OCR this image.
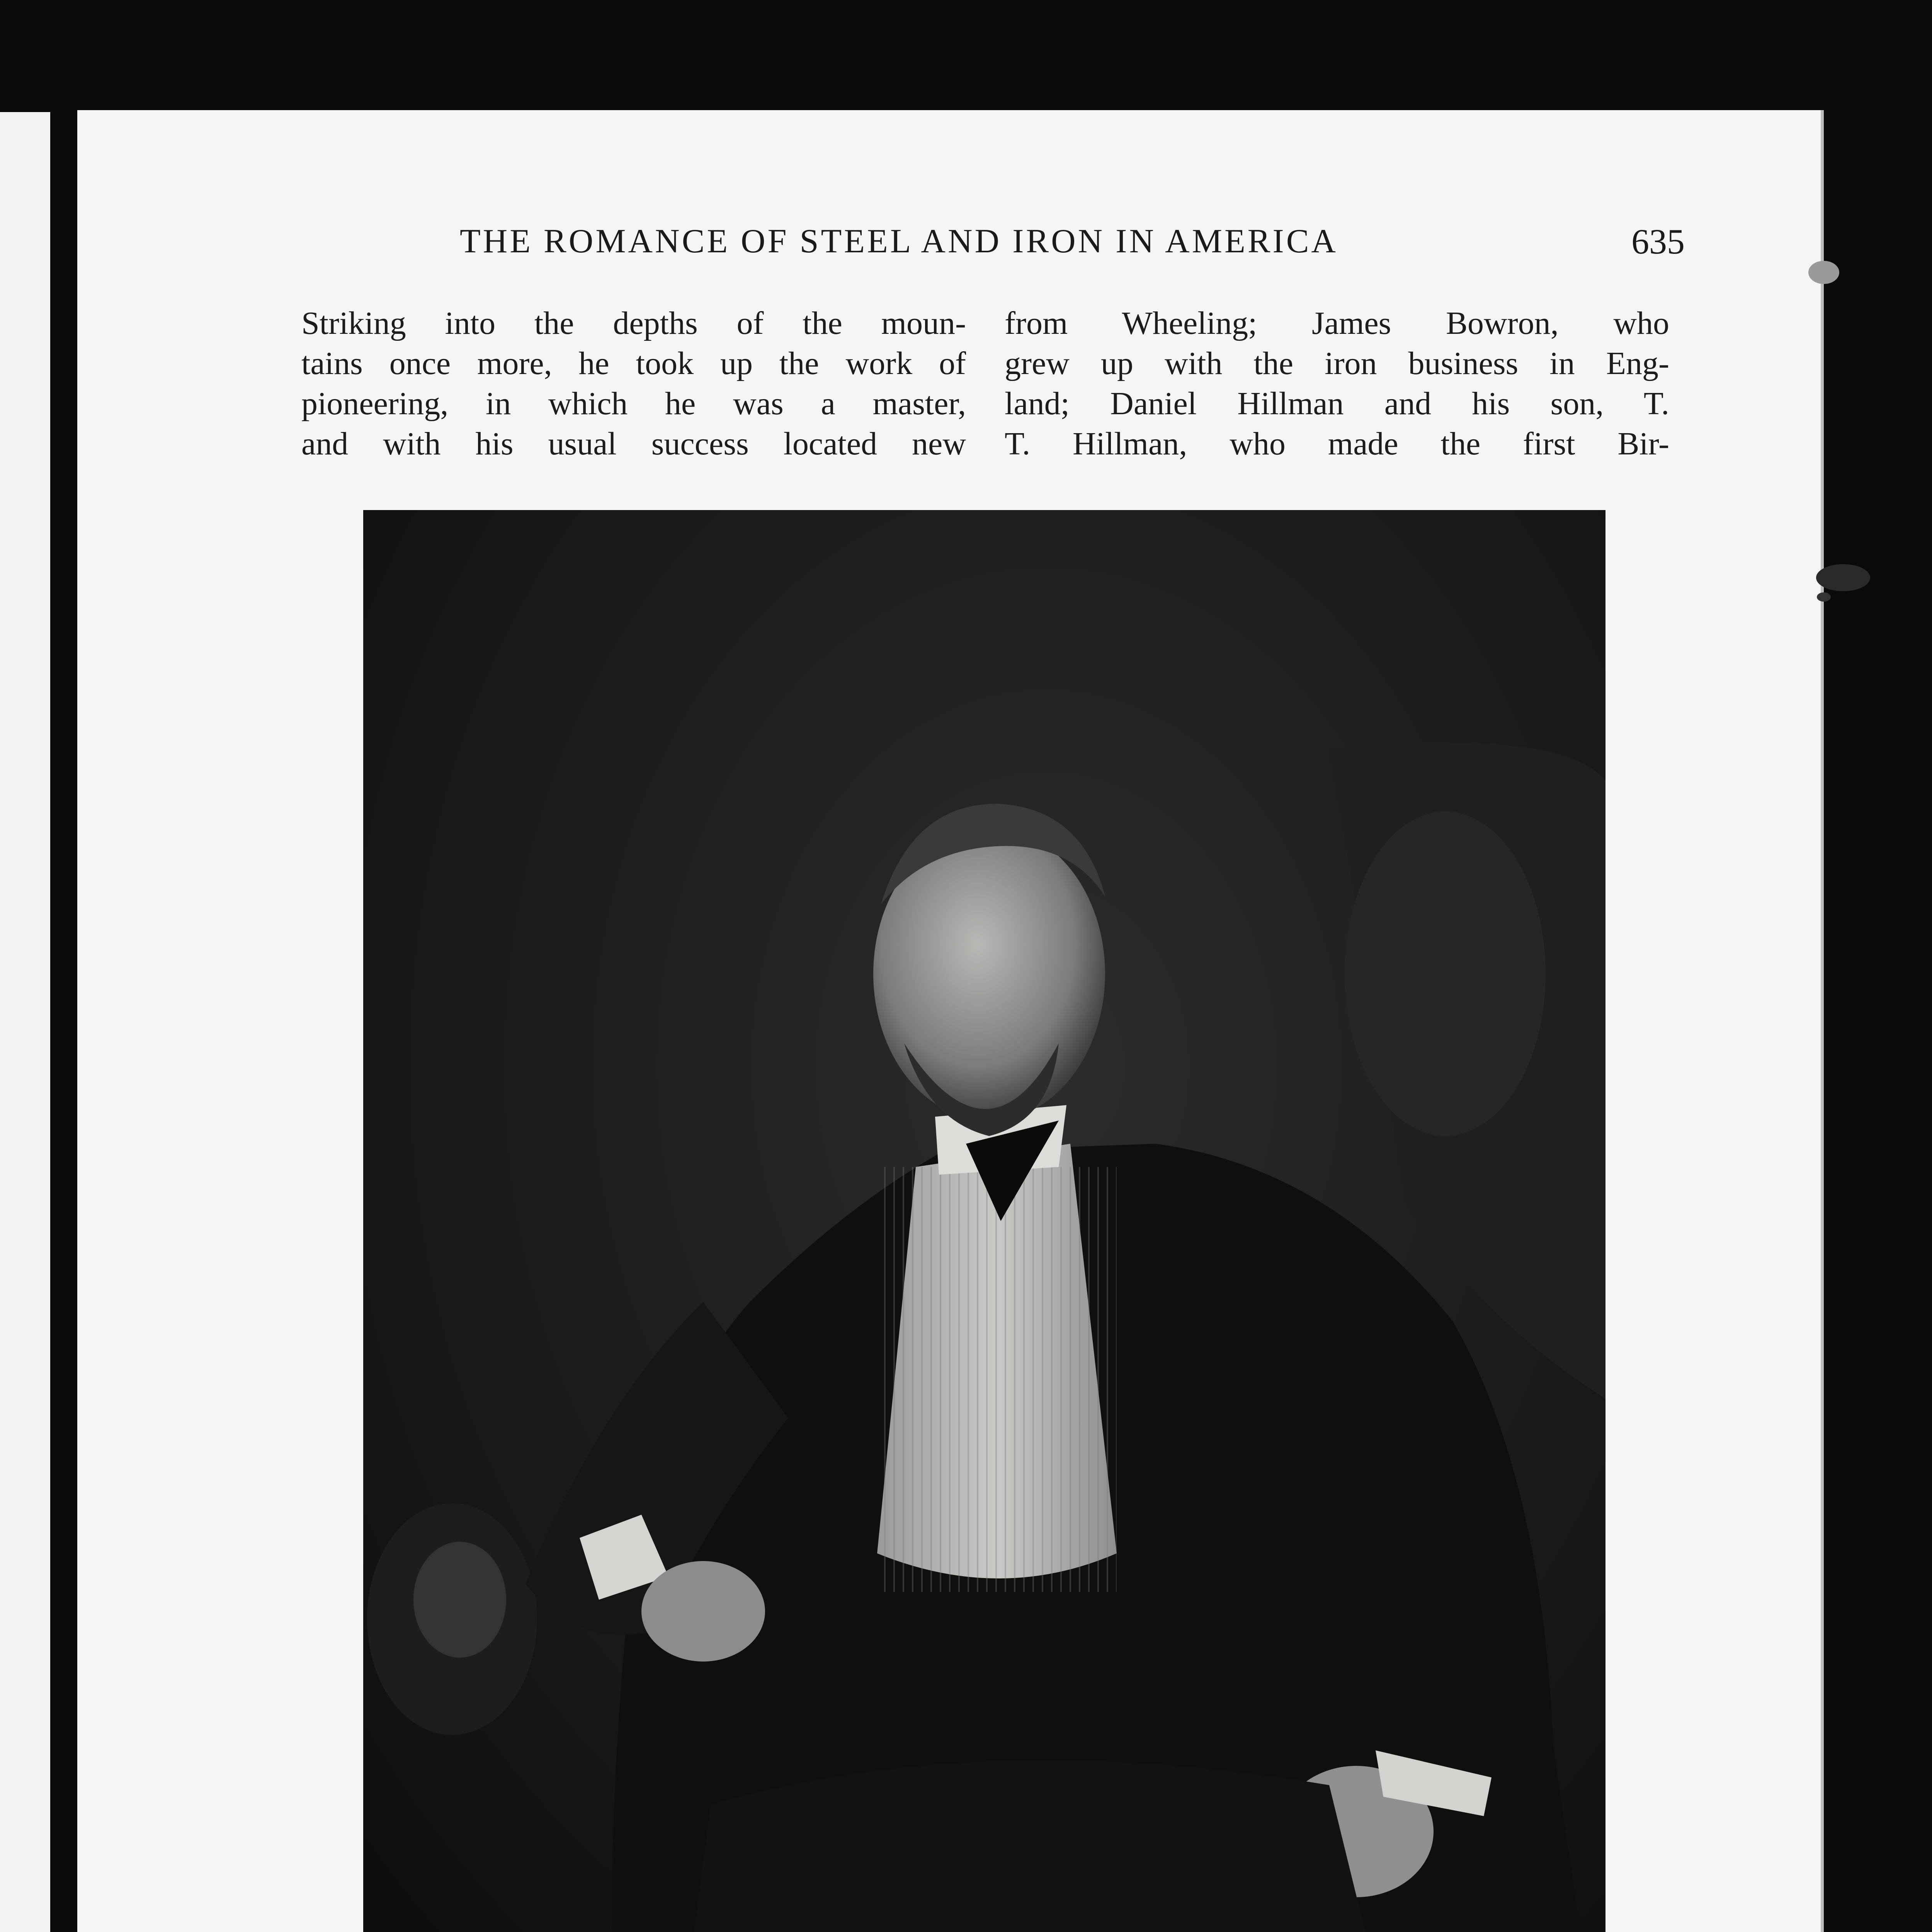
THE ROMANCE OF STEEL AND IRON IN AMERICA	635
Striking into the depths of the moun-
tains once more, he took up the work of
pioneering, in which he was a master,
and with his usual success located new
from Wheeling; James Bowron, who
grew up with the iron business in Eng-
land; Daniel Hillman and his son, T.
T. Hillman, who made the first Bir-
